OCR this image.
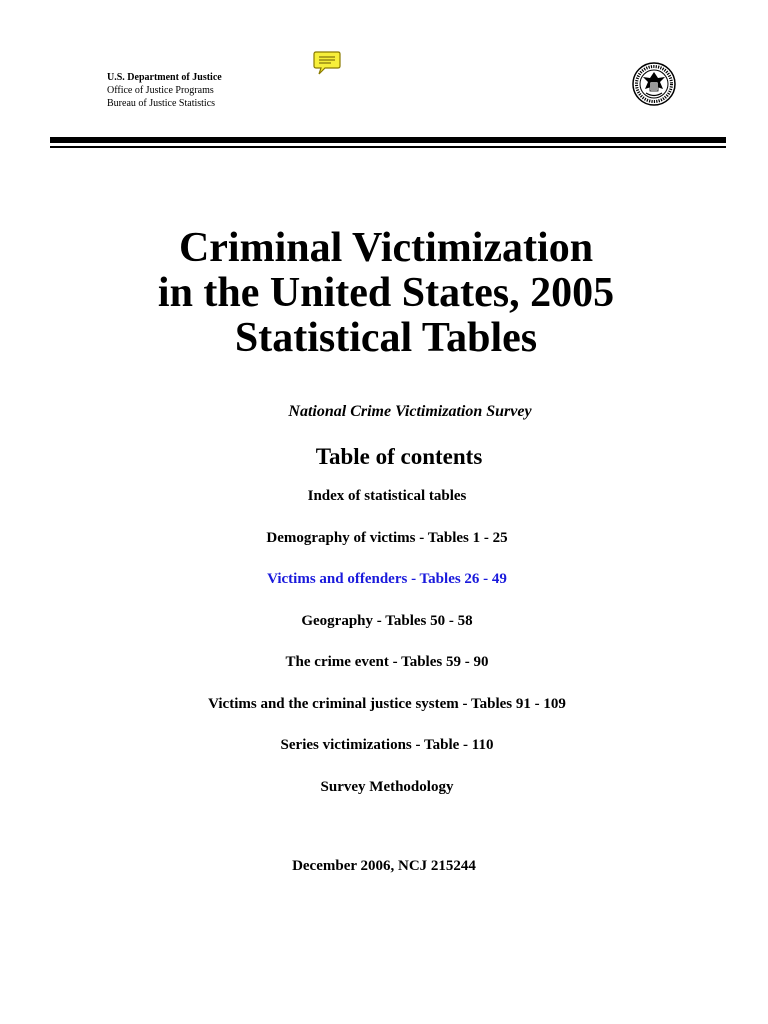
U.S. Department of Justice
Office of Justice Programs
Bureau of Justice Statistics
Criminal Victimization
in the United States, 2005
Statistical Tables
National Crime Victimization Survey
Table of contents
Index of statistical tables
Demography of victims - Tables 1 - 25
Victims and offenders - Tables 26 - 49
Geography - Tables 50 - 58
The crime event - Tables 59 - 90
Victims and the criminal justice system - Tables 91 - 109
Series victimizations - Table - 110
Survey Methodology
December 2006, NCJ 215244
